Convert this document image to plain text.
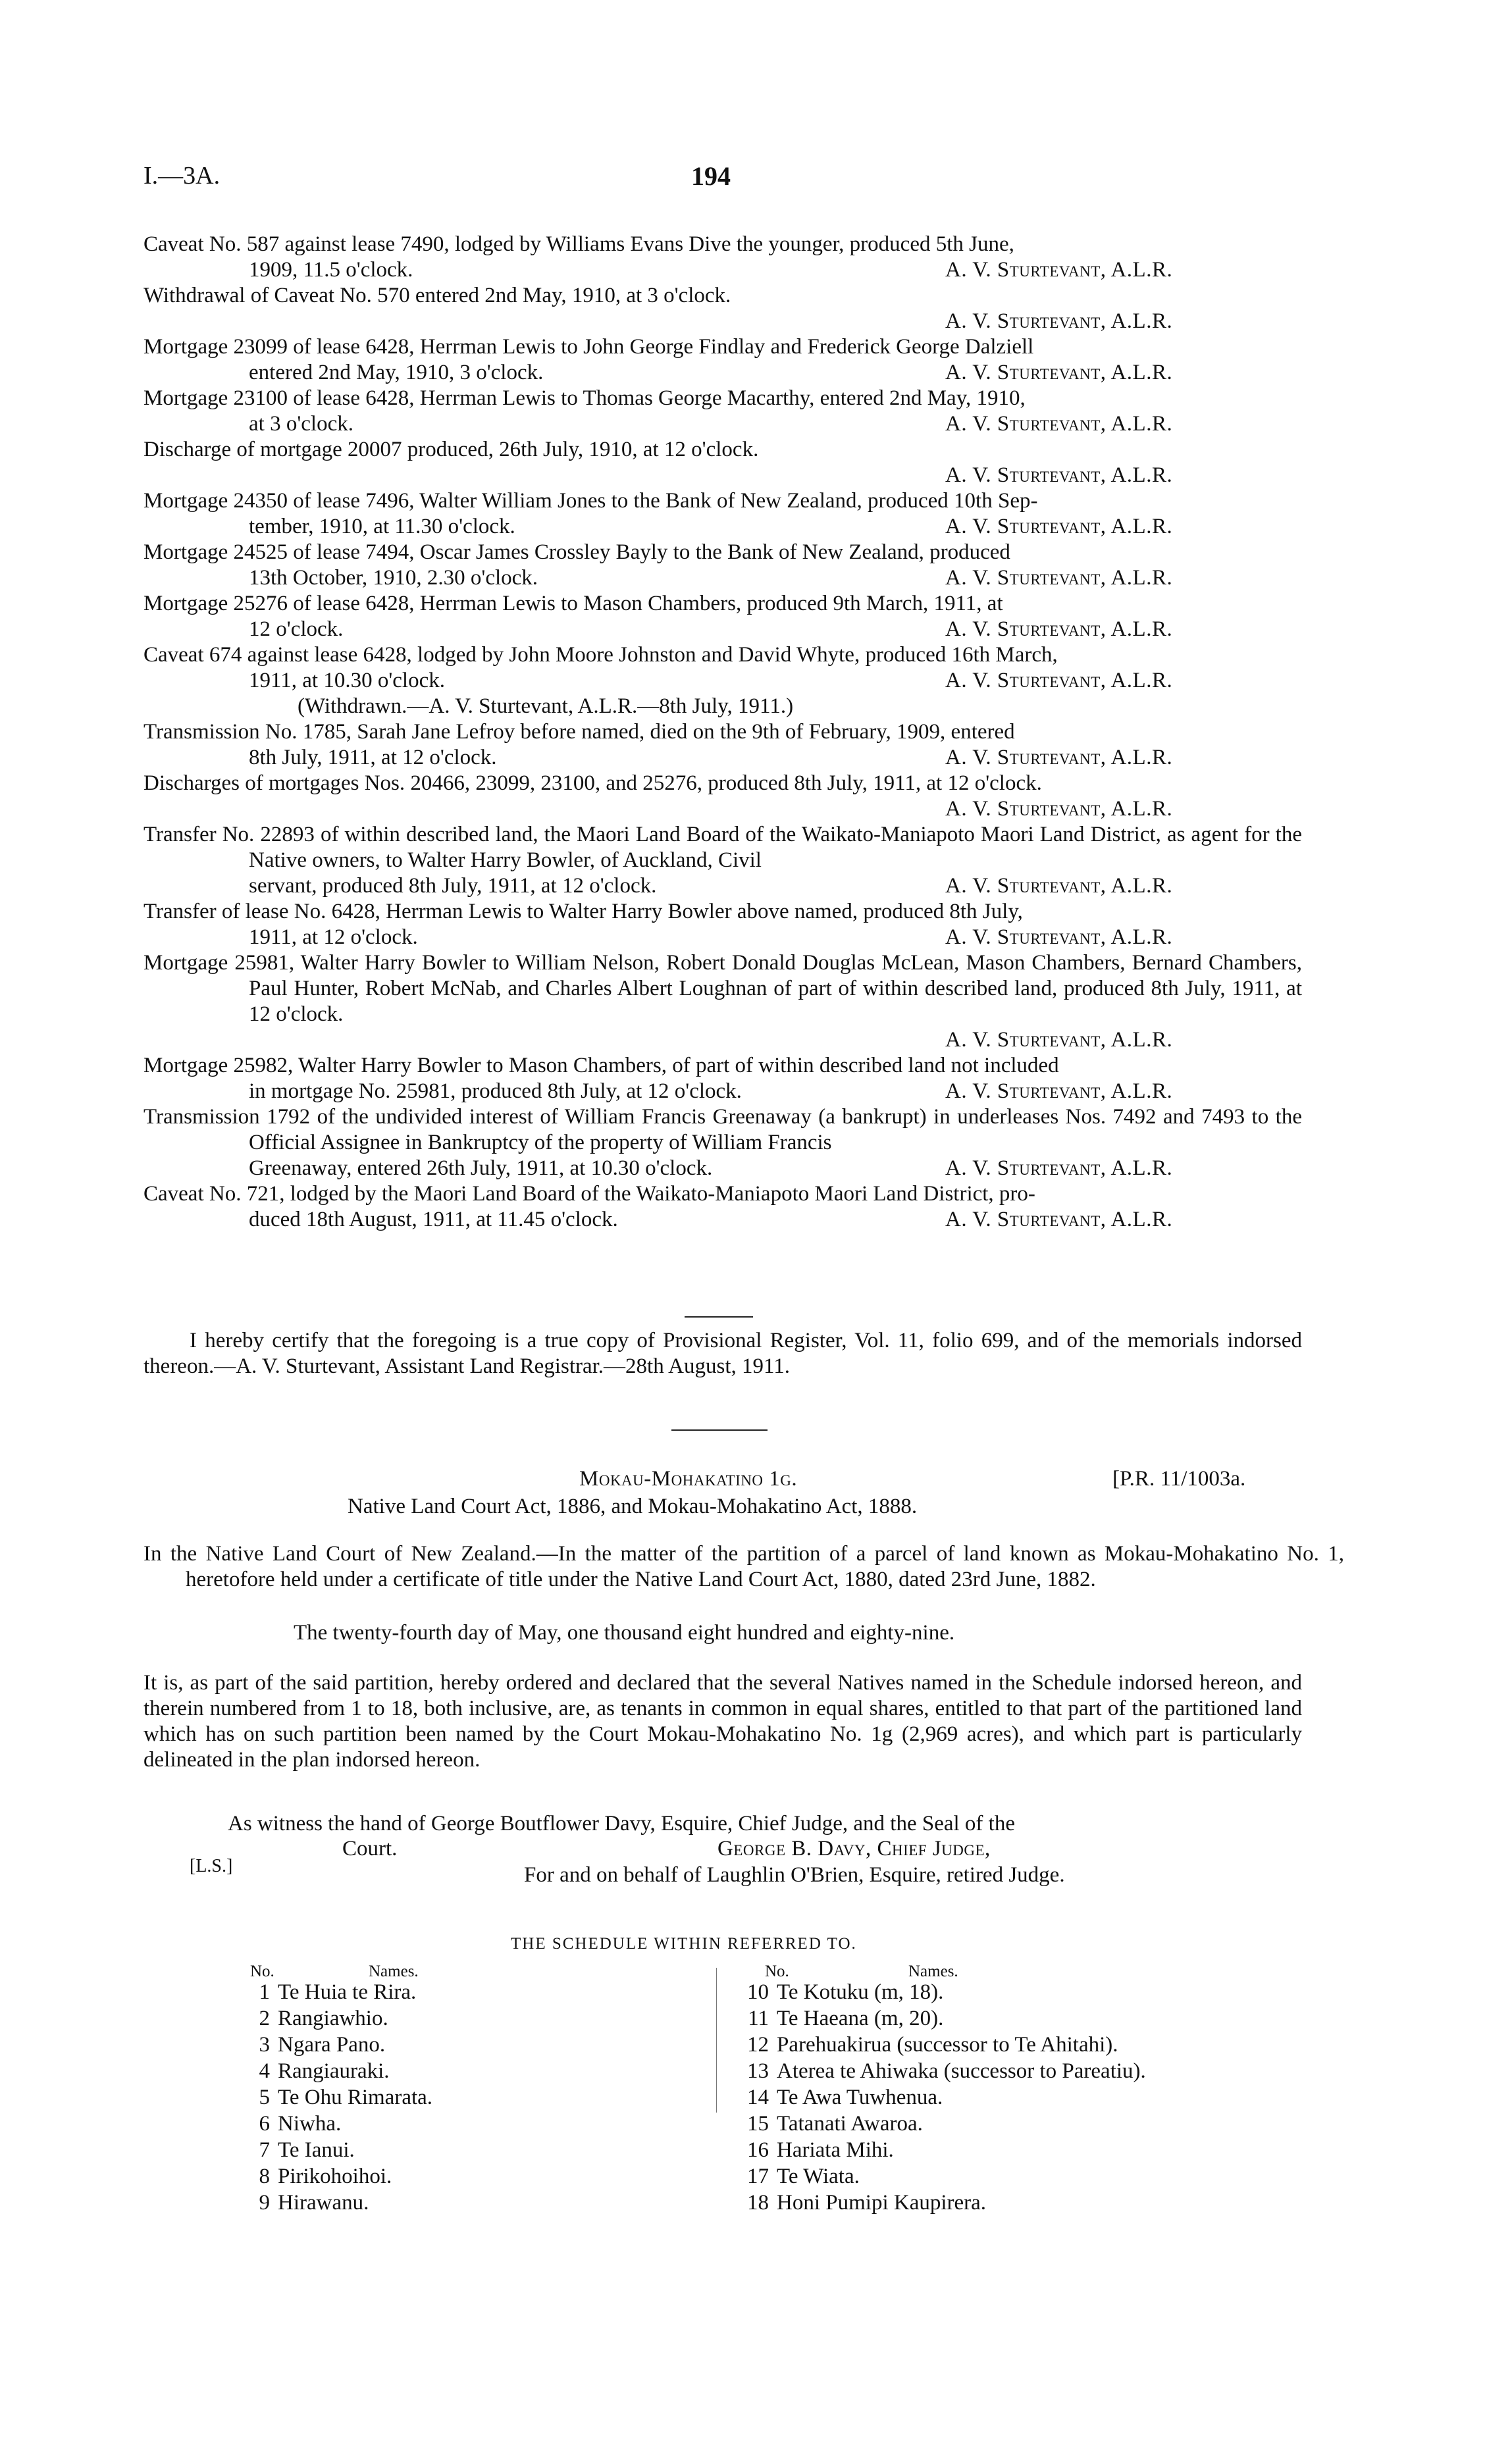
I.—3A.	194
Caveat No. 587 against lease 7490, lodged by Williams Evans Dive the younger, produced 5th June,
1909, 11.5 o'clock.	A. V. Sturtevant, A.L.R.
Withdrawal of Caveat No. 570 entered 2nd May, 1910, at 3 o'clock.
A. V. Sturtevant, A.L.R.
Mortgage 23099 of lease 6428, Herrman Lewis to John George Findlay and Frederick George Dalziell
entered 2nd May, 1910, 3 o'clock.	A. V. Sturtevant, A.L.R.
Mortgage 23100 of lease 6428, Herrman Lewis to Thomas George Macarthy, entered 2nd May, 1910,
at 3 o'clock.	A. V. Sturtevant, A.L.R.
Discharge of mortgage 20007 produced, 26th July, 1910, at 12 o'clock.
A. V. Sturtevant, A.L.R.
Mortgage 24350 of lease 7496, Walter William Jones to the Bank of New Zealand, produced 10th Sep-
tember, 1910, at 11.30 o'clock.	A. V. Sturtevant, A.L.R.
Mortgage 24525 of lease 7494, Oscar James Crossley Bayly to the Bank of New Zealand, produced
13th October, 1910, 2.30 o'clock.	A. V. Sturtevant, A.L.R.
Mortgage 25276 of lease 6428, Herrman Lewis to Mason Chambers, produced 9th March, 1911, at
12 o'clock.	A. V. Sturtevant, A.L.R.
Caveat 674 against lease 6428, lodged by John Moore Johnston and David Whyte, produced 16th March,
1911, at 10.30 o'clock.	A. V. Sturtevant, A.L.R.
(Withdrawn.—A. V. Sturtevant, A.L.R.—8th July, 1911.)
Transmission No. 1785, Sarah Jane Lefroy before named, died on the 9th of February, 1909, entered
8th July, 1911, at 12 o'clock.	A. V. Sturtevant, A.L.R.
Discharges of mortgages Nos. 20466, 23099, 23100, and 25276, produced 8th July, 1911, at 12 o'clock.
A. V. Sturtevant, A.L.R.
Transfer No. 22893 of within described land, the Maori Land Board of the Waikato-Maniapoto Maori Land District, as agent for the Native owners, to Walter Harry Bowler, of Auckland, Civil
servant, produced 8th July, 1911, at 12 o'clock.	A. V. Sturtevant, A.L.R.
Transfer of lease No. 6428, Herrman Lewis to Walter Harry Bowler above named, produced 8th July,
1911, at 12 o'clock.	A. V. Sturtevant, A.L.R.
Mortgage 25981, Walter Harry Bowler to William Nelson, Robert Donald Douglas McLean, Mason Chambers, Bernard Chambers, Paul Hunter, Robert McNab, and Charles Albert Loughnan of part of within described land, produced 8th July, 1911, at 12 o'clock.
A. V. Sturtevant, A.L.R.
Mortgage 25982, Walter Harry Bowler to Mason Chambers, of part of within described land not included
in mortgage No. 25981, produced 8th July, at 12 o'clock.	A. V. Sturtevant, A.L.R.
Transmission 1792 of the undivided interest of William Francis Greenaway (a bankrupt) in underleases Nos. 7492 and 7493 to the Official Assignee in Bankruptcy of the property of William Francis
Greenaway, entered 26th July, 1911, at 10.30 o'clock.	A. V. Sturtevant, A.L.R.
Caveat No. 721, lodged by the Maori Land Board of the Waikato-Maniapoto Maori Land District, pro-
duced 18th August, 1911, at 11.45 o'clock.	A. V. Sturtevant, A.L.R.
I hereby certify that the foregoing is a true copy of Provisional Register, Vol. 11, folio 699, and of the memorials indorsed thereon.—A. V. Sturtevant, Assistant Land Registrar.—28th August, 1911.
Mokau-Mohakatino 1g.	[P.R. 11/1003a.
Native Land Court Act, 1886, and Mokau-Mohakatino Act, 1888.
In the Native Land Court of New Zealand.—In the matter of the partition of a parcel of land known as Mokau-Mohakatino No. 1, heretofore held under a certificate of title under the Native Land Court Act, 1880, dated 23rd June, 1882.
The twenty-fourth day of May, one thousand eight hundred and eighty-nine.
It is, as part of the said partition, hereby ordered and declared that the several Natives named in the Schedule indorsed hereon, and therein numbered from 1 to 18, both inclusive, are, as tenants in common in equal shares, entitled to that part of the partitioned land which has on such partition been named by the Court Mokau-Mohakatino No. 1g (2,969 acres), and which part is particularly delineated in the plan indorsed hereon.
As witness the hand of George Boutflower Davy, Esquire, Chief Judge, and the Seal of the
Court.	George B. Davy, Chief Judge,
[L.S.]	For and on behalf of Laughlin O'Brien, Esquire, retired Judge.
THE SCHEDULE WITHIN REFERRED TO.
No.	Names.	No.	Names.
1 Te Huia te Rira.
2 Rangiawhio.
3 Ngara Pano.
4 Rangiauraki.
5 Te Ohu Rimarata.
6 Niwha.
7 Te Ianui.
8 Pirikohoihoi.
9 Hirawanu.
10 Te Kotuku (m, 18).
11 Te Haeana (m, 20).
12 Parehuakirua (successor to Te Ahitahi).
13 Aterea te Ahiwaka (successor to Pareatiu).
14 Te Awa Tuwhenua.
15 Tatanati Awaroa.
16 Hariata Mihi.
17 Te Wiata.
18 Honi Pumipi Kaupirera.
